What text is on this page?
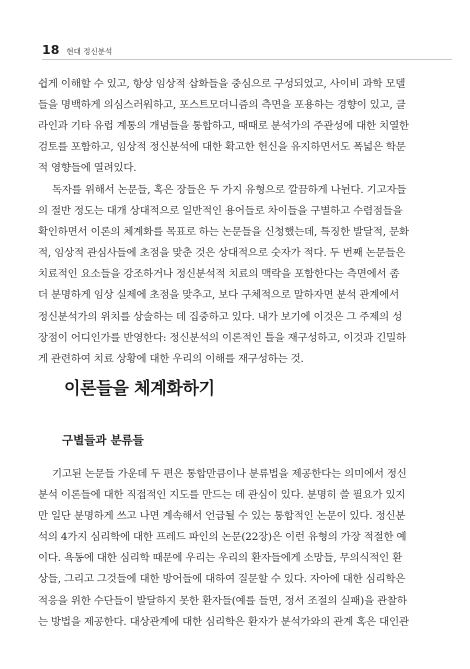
18 현대 정신분석
쉽게 이해할 수 있고, 항상 임상적 삽화들을 중심으로 구성되었고, 사이비 과학 모델
들을 명백하게 의심스러워하고, 포스트모더니즘의 측면을 포용하는 경향이 있고, 클
라인과 기타 유럽 계통의 개념들을 통합하고, 때때로 분석가의 주관성에 대한 치열한
검토를 포함하고, 임상적 정신분석에 대한 확고한 헌신을 유지하면서도 폭넓은 학문
적 영향들에 열려있다.
독자를 위해서 논문들, 혹은 장들은 두 가지 유형으로 깔끔하게 나뉜다. 기고자들
의 절반 정도는 대개 상대적으로 일반적인 용어들로 차이들을 구별하고 수렴점들을
확인하면서 이론의 체계화를 목표로 하는 논문들을 신청했는데, 특징한 발달적, 문화
적, 임상적 관심사들에 초점을 맞춘 것은 상대적으로 숫자가 적다. 두 번째 논문들은
치료적인 요소들을 강조하거나 정신분석적 치료의 맥락을 포함한다는 측면에서 좀
더 분명하게 임상 실제에 초점을 맞추고, 보다 구체적으로 말하자면 분석 관계에서
정신분석가의 위치를 상술하는 데 집중하고 있다. 내가 보기에 이것은 그 주제의 성
장점이 어디인가를 반영한다: 정신분석의 이론적인 틀을 재구성하고, 이것과 긴밀하
게 관련하여 치료 상황에 대한 우리의 이해를 재구성하는 것.
이론들을 체계화하기
구별들과 분류들
기고된 논문들 가운데 두 편은 통합만큼이나 분류법을 제공한다는 의미에서 정신
분석 이론들에 대한 직접적인 지도를 만드는 데 관심이 있다. 분명히 쓸 필요가 있지
만 일단 분명하게 쓰고 나면 계속해서 언급될 수 있는 통합적인 논문이 있다. 정신분
석의 4가지 심리학에 대한 프레드 파인의 논문(22장)은 이런 유형의 가장 적절한 예
이다. 욕동에 대한 심리학 때문에 우리는 우리의 환자들에게 소망들, 무의식적인 환
상들, 그리고 그것들에 대한 방어들에 대하여 질문할 수 있다. 자아에 대한 심리학은
적응을 위한 수단들이 발달하지 못한 환자들(예를 들면, 정서 조절의 실패)을 관찰하
는 방법을 제공한다. 대상관계에 대한 심리학은 환자가 분석가와의 관계 혹은 대인관
